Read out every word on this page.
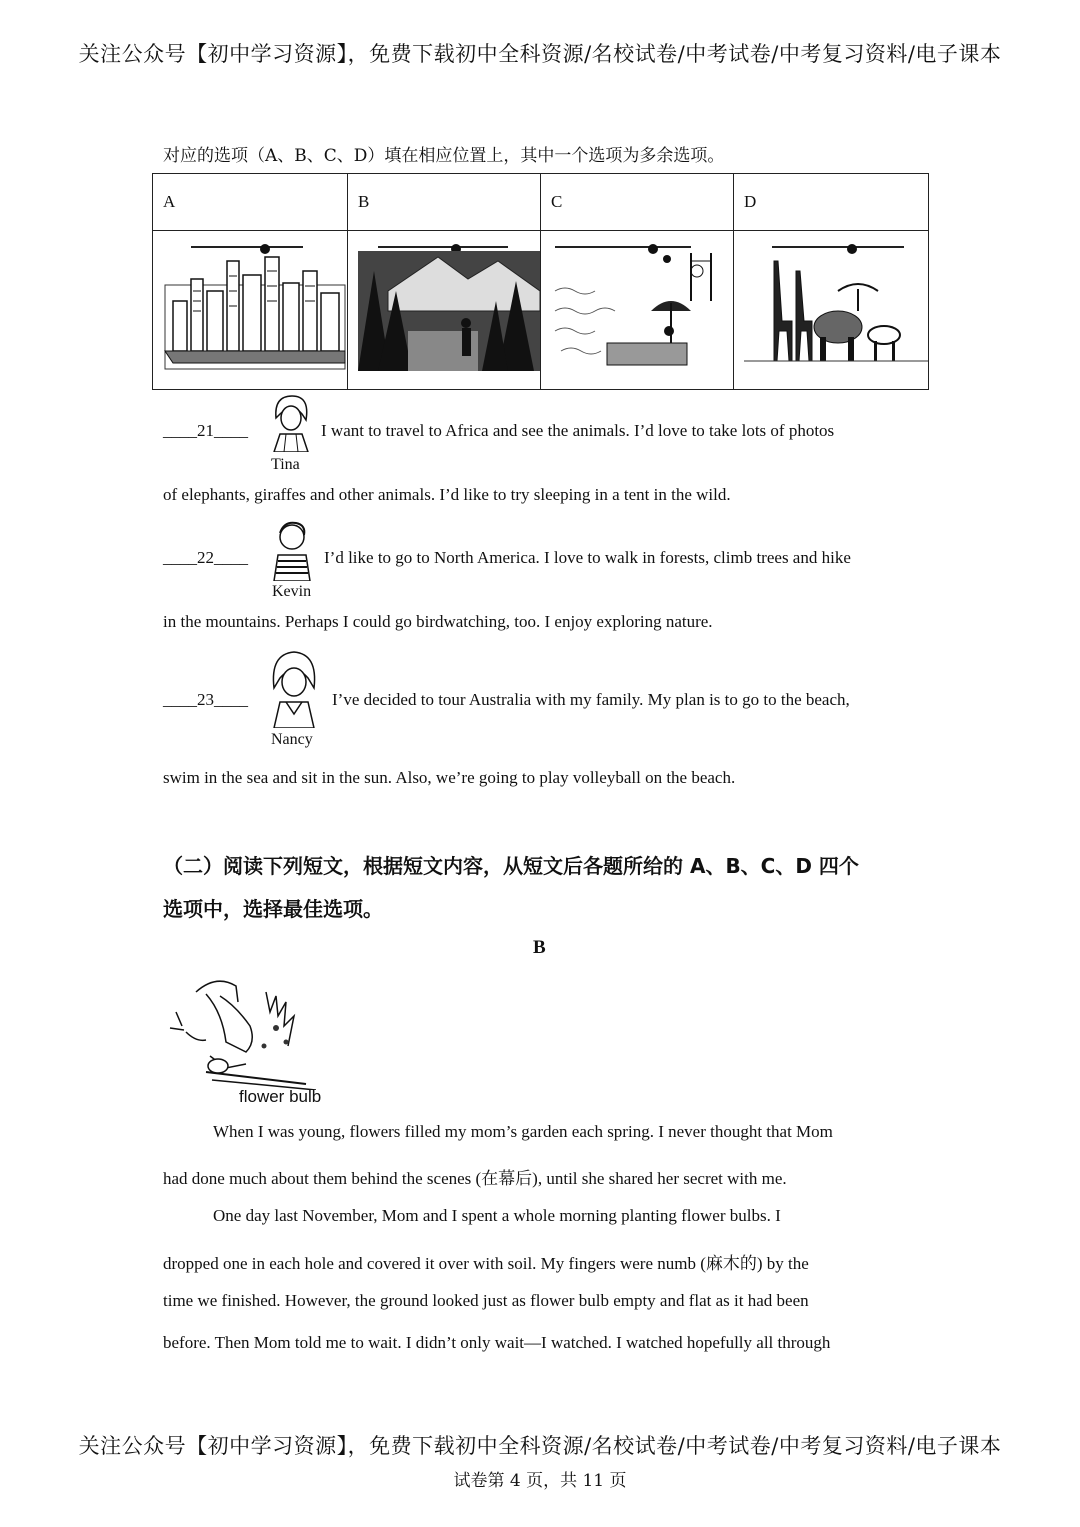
关注公众号【初中学习资源】，免费下载初中全科资源/名校试卷/中考试卷/中考复习资料/电子课本
对应的选项（A、B、C、D）填在相应位置上，其中一个选项为多余选项。
A	B	C	D

____21____
Tina
I want to travel to Africa and see the animals. I’d love to take lots of photos
of elephants, giraffes and other animals. I’d like to try sleeping in a tent in the wild.
____22____
Kevin
I’d like to go to North America. I love to walk in forests, climb trees and hike
in the mountains. Perhaps I could go birdwatching, too. I enjoy exploring nature.
____23____
Nancy
I’ve decided to tour Australia with my family. My plan is to go to the beach,
swim in the sea and sit in the sun. Also, we’re going to play volleyball on the beach.
（二）阅读下列短文，根据短文内容，从短文后各题所给的 A、B、C、D 四个
选项中，选择最佳选项。
B
flower bulb
When I was young, flowers filled my mom’s garden each spring. I never thought that Mom
had done much about them behind the scenes (在幕后), until she shared her secret with me.
One day last November, Mom and I spent a whole morning planting flower bulbs. I
dropped one in each hole and covered it over with soil. My fingers were numb (麻木的) by the
time we finished. However, the ground looked just as flower bulb empty and flat as it had been
before. Then Mom told me to wait. I didn’t only wait—I watched. I watched hopefully all through
关注公众号【初中学习资源】，免费下载初中全科资源/名校试卷/中考试卷/中考复习资料/电子课本
试卷第 4 页，共 11 页
